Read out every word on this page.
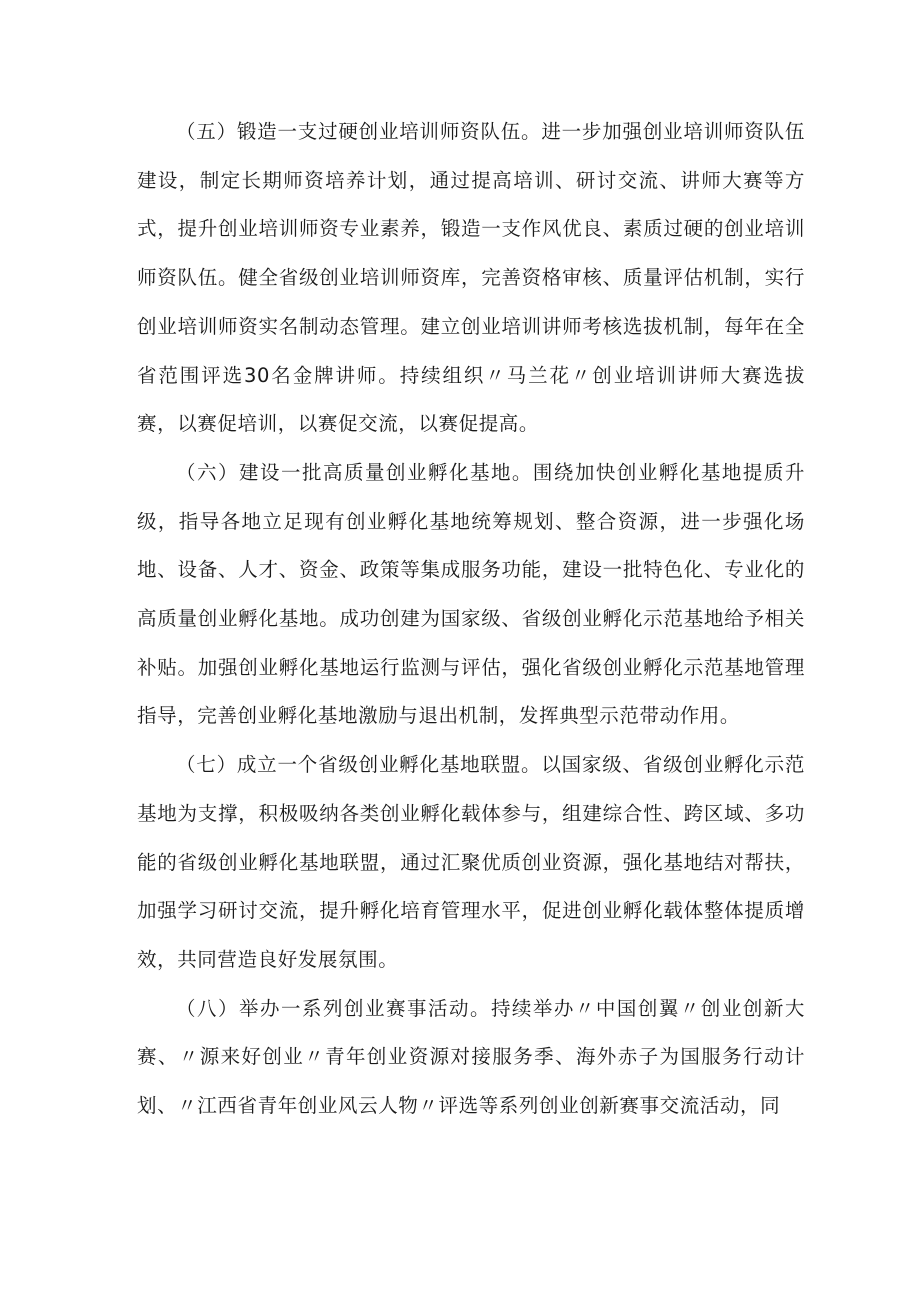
（五）锻造一支过硬创业培训师资队伍。进一步加强创业培训师资队伍建设，制定长期师资培养计划，通过提高培训、研讨交流、讲师大赛等方式，提升创业培训师资专业素养，锻造一支作风优良、素质过硬的创业培训师资队伍。健全省级创业培训师资库，完善资格审核、质量评估机制，实行创业培训师资实名制动态管理。建立创业培训讲师考核选拔机制，每年在全省范围评选30名金牌讲师。持续组织〃马兰花〃创业培训讲师大赛选拔赛，以赛促培训，以赛促交流，以赛促提高。

（六）建设一批高质量创业孵化基地。围绕加快创业孵化基地提质升级，指导各地立足现有创业孵化基地统筹规划、整合资源，进一步强化场地、设备、人才、资金、政策等集成服务功能，建设一批特色化、专业化的高质量创业孵化基地。成功创建为国家级、省级创业孵化示范基地给予相关补贴。加强创业孵化基地运行监测与评估，强化省级创业孵化示范基地管理指导，完善创业孵化基地激励与退出机制，发挥典型示范带动作用。

（七）成立一个省级创业孵化基地联盟。以国家级、省级创业孵化示范基地为支撑，积极吸纳各类创业孵化载体参与，组建综合性、跨区域、多功能的省级创业孵化基地联盟，通过汇聚优质创业资源，强化基地结对帮扶，加强学习研讨交流，提升孵化培育管理水平，促进创业孵化载体整体提质增效，共同营造良好发展氛围。

（八）举办一系列创业赛事活动。持续举办〃中国创翼〃创业创新大赛、〃源来好创业〃青年创业资源对接服务季、海外赤子为国服务行动计划、〃江西省青年创业风云人物〃评选等系列创业创新赛事交流活动，同
